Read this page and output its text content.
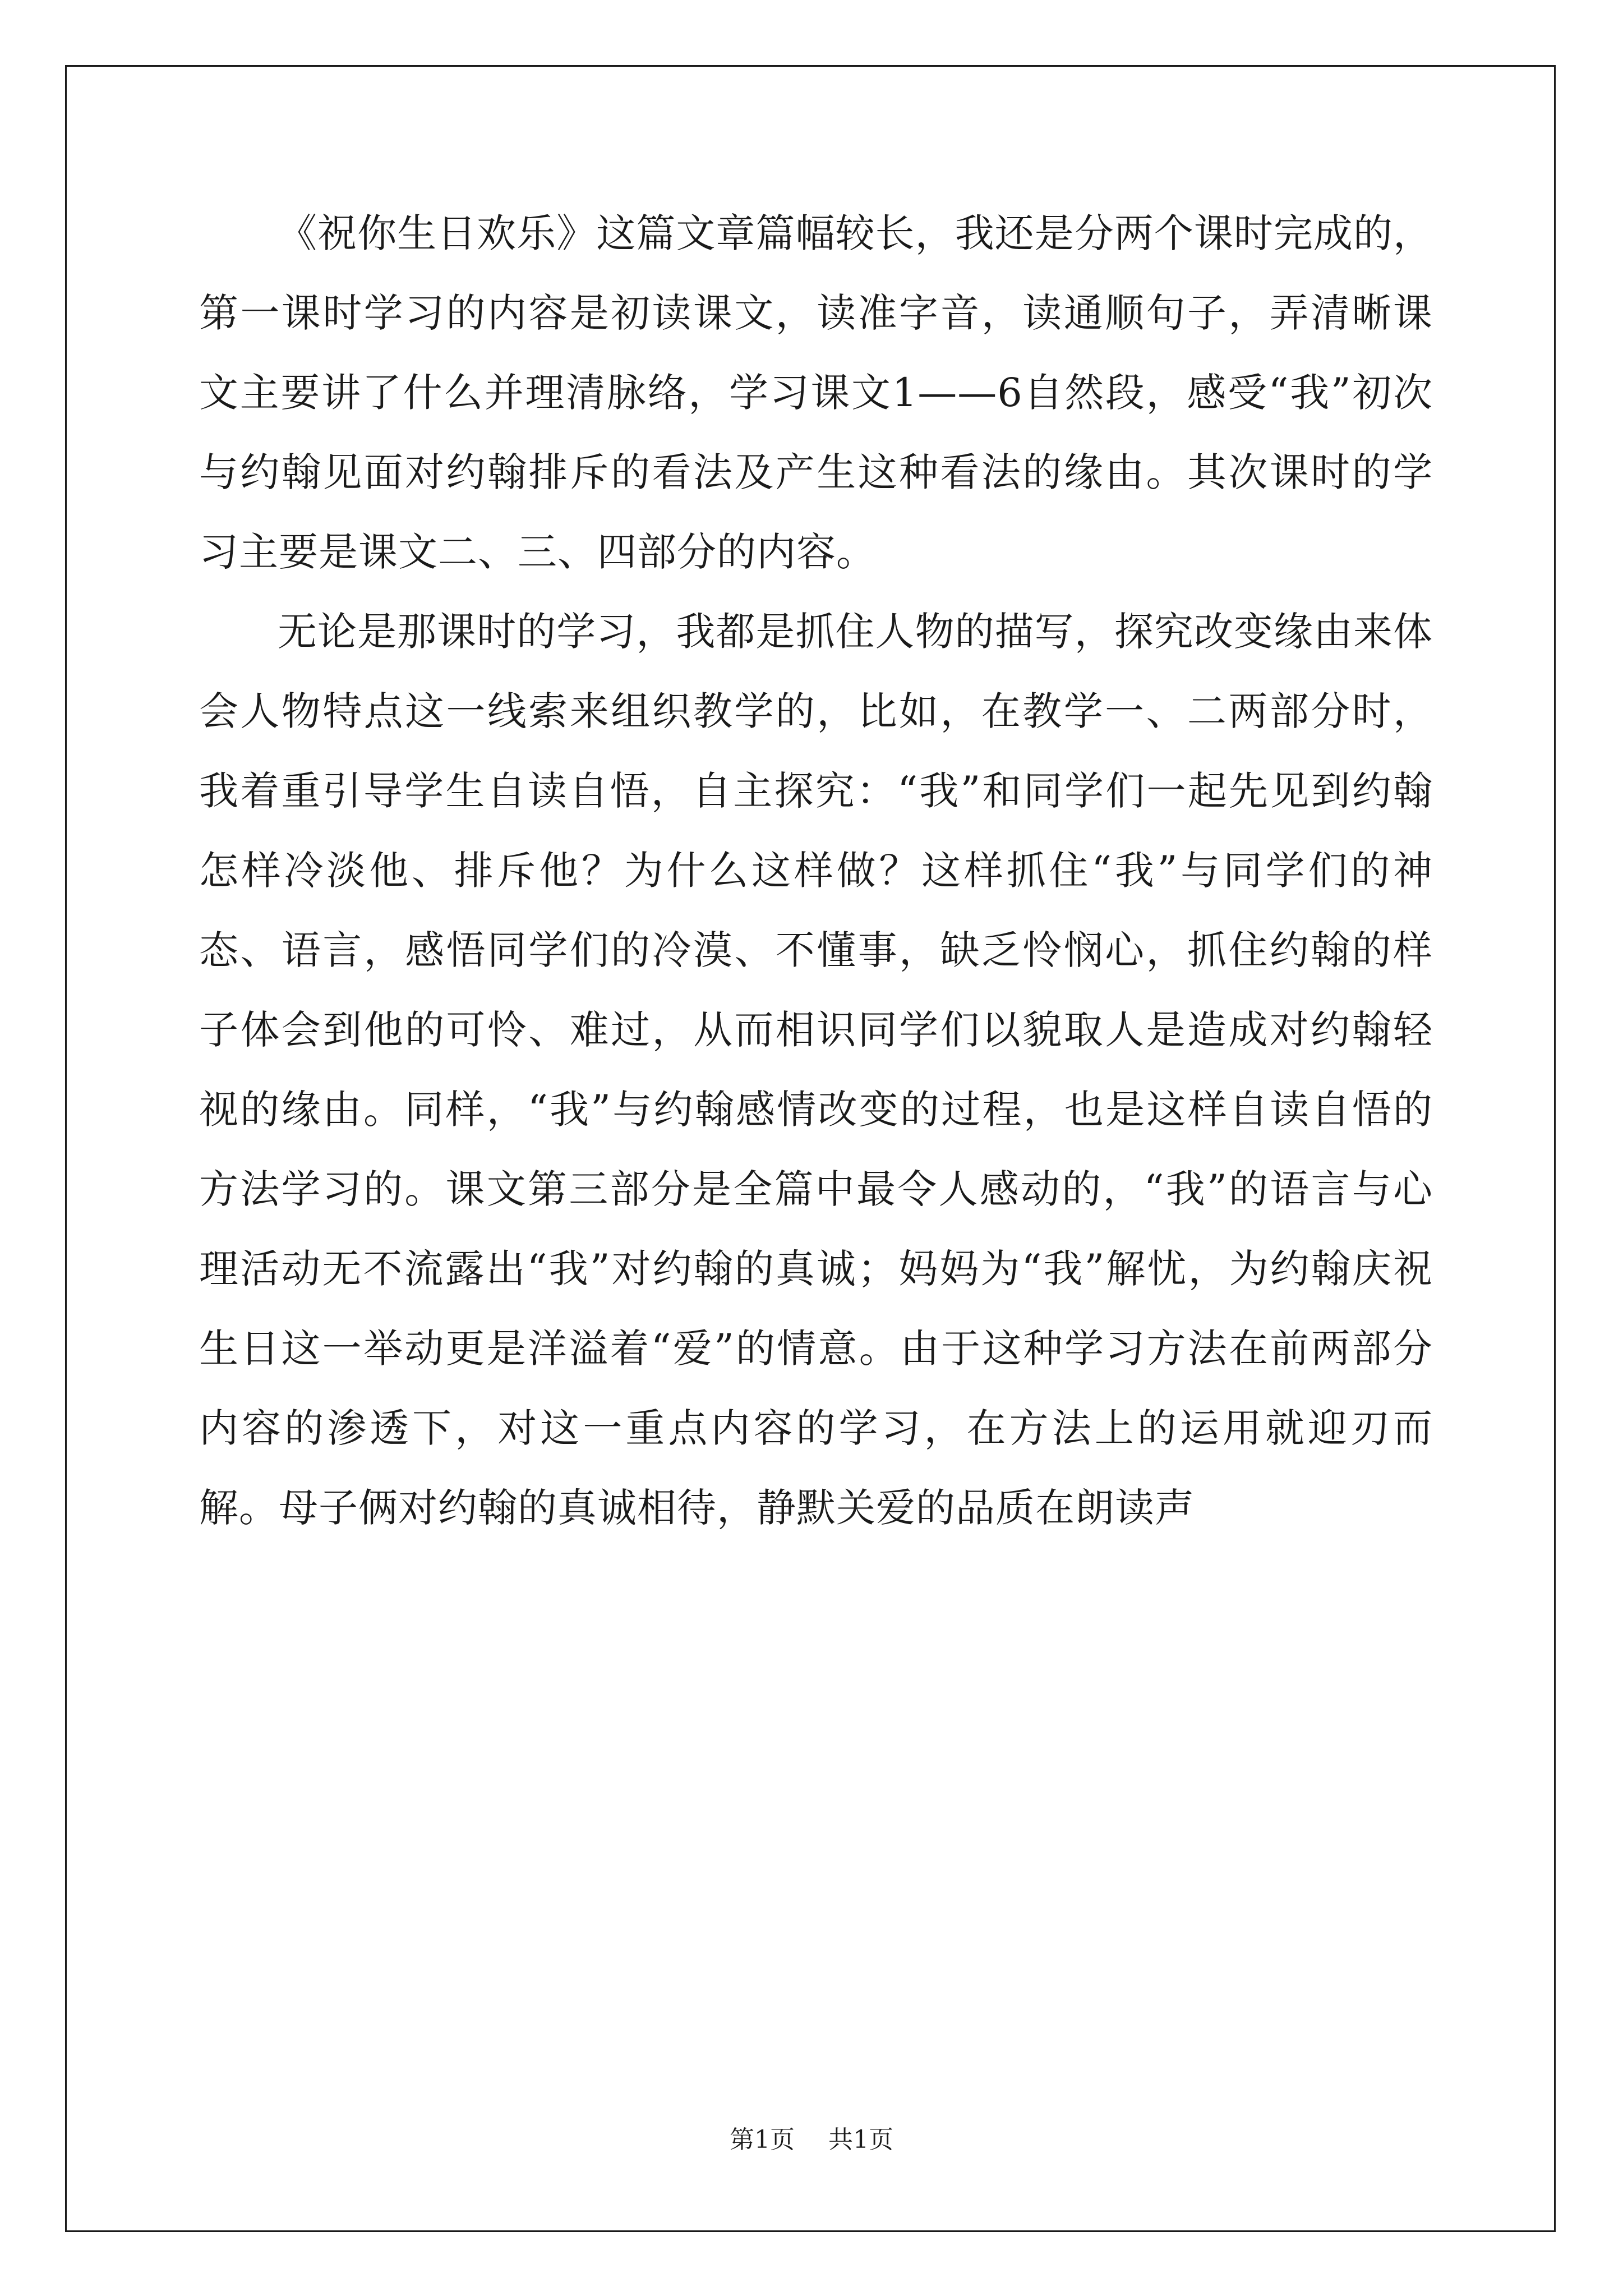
《祝你生日欢乐》这篇文章篇幅较长，我还是分两个课时完成的，第一课时学习的内容是初读课文，读准字音，读通顺句子，弄清晰课文主要讲了什么并理清脉络，学习课文1——6自然段，感受“我”初次与约翰见面对约翰排斥的看法及产生这种看法的缘由。其次课时的学习主要是课文二、三、四部分的内容。

无论是那课时的学习，我都是抓住人物的描写，探究改变缘由来体会人物特点这一线索来组织教学的，比如，在教学一、二两部分时，我着重引导学生自读自悟，自主探究：“我”和同学们一起先见到约翰怎样冷淡他、排斥他？为什么这样做？这样抓住“我”与同学们的神态、语言，感悟同学们的冷漠、不懂事，缺乏怜悯心，抓住约翰的样子体会到他的可怜、难过，从而相识同学们以貌取人是造成对约翰轻视的缘由。同样，“我”与约翰感情改变的过程，也是这样自读自悟的方法学习的。课文第三部分是全篇中最令人感动的，“我”的语言与心理活动无不流露出“我”对约翰的真诚；妈妈为“我”解忧，为约翰庆祝生日这一举动更是洋溢着“爱”的情意。由于这种学习方法在前两部分内容的渗透下，对这一重点内容的学习，在方法上的运用就迎刃而解。母子俩对约翰的真诚相待，静默关爱的品质在朗读声

第1页 共1页
